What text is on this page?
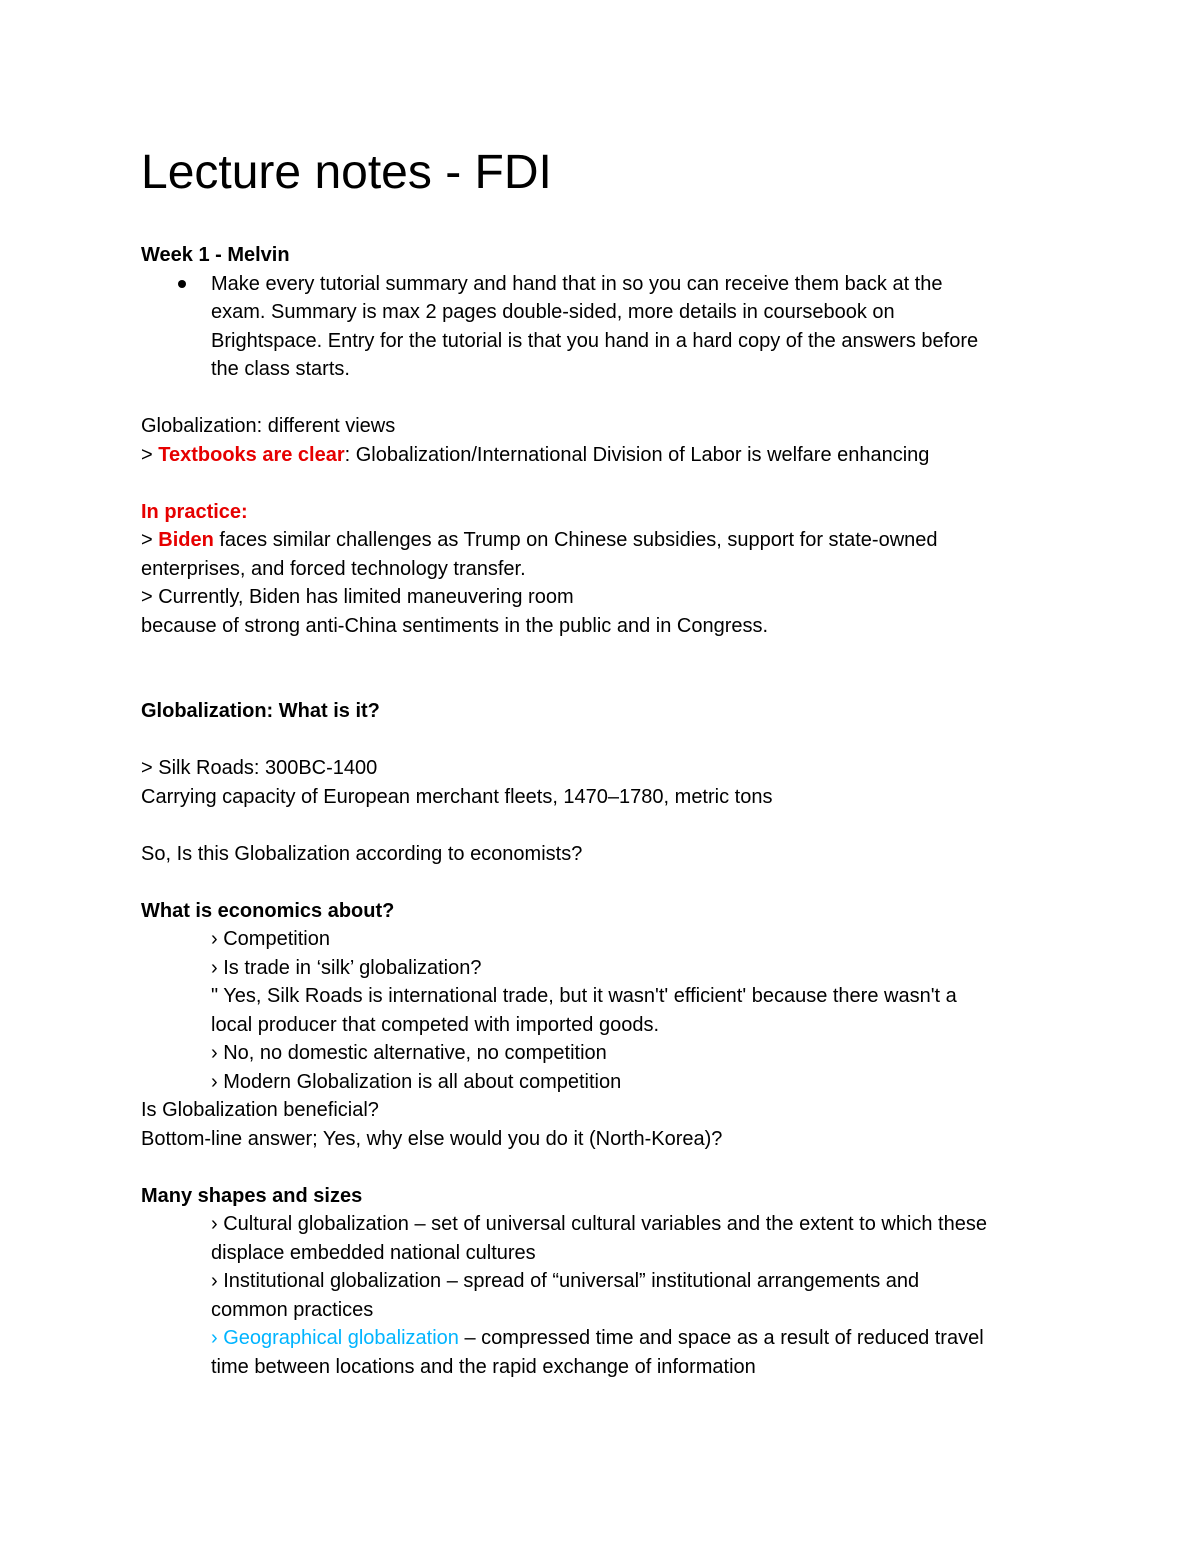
Lecture notes - FDI

Week 1 - Melvin

Make every tutorial summary and hand that in so you can receive them back at the

exam. Summary is max 2 pages double-sided, more details in coursebook on

Brightspace. Entry for the tutorial is that you hand in a hard copy of the answers before

the class starts.

Globalization: different views

> Textbooks are clear: Globalization/International Division of Labor is welfare enhancing

In practice:

> Biden faces similar challenges as Trump on Chinese subsidies, support for state-owned

enterprises, and forced technology transfer.

> Currently, Biden has limited maneuvering room

because of strong anti-China sentiments in the public and in Congress.

Globalization: What is it?

> Silk Roads: 300BC-1400

Carrying capacity of European merchant fleets, 1470–1780, metric tons

So, Is this Globalization according to economists?

What is economics about?

› Competition

› Is trade in ‘silk’ globalization?

" Yes, Silk Roads is international trade, but it wasn't' efficient' because there wasn't a

local producer that competed with imported goods.

› No, no domestic alternative, no competition

› Modern Globalization is all about competition

Is Globalization beneficial?

Bottom-line answer; Yes, why else would you do it (North-Korea)?

Many shapes and sizes

› Cultural globalization – set of universal cultural variables and the extent to which these

displace embedded national cultures

› Institutional globalization – spread of “universal” institutional arrangements and

common practices

› Geographical globalization – compressed time and space as a result of reduced travel

time between locations and the rapid exchange of information
